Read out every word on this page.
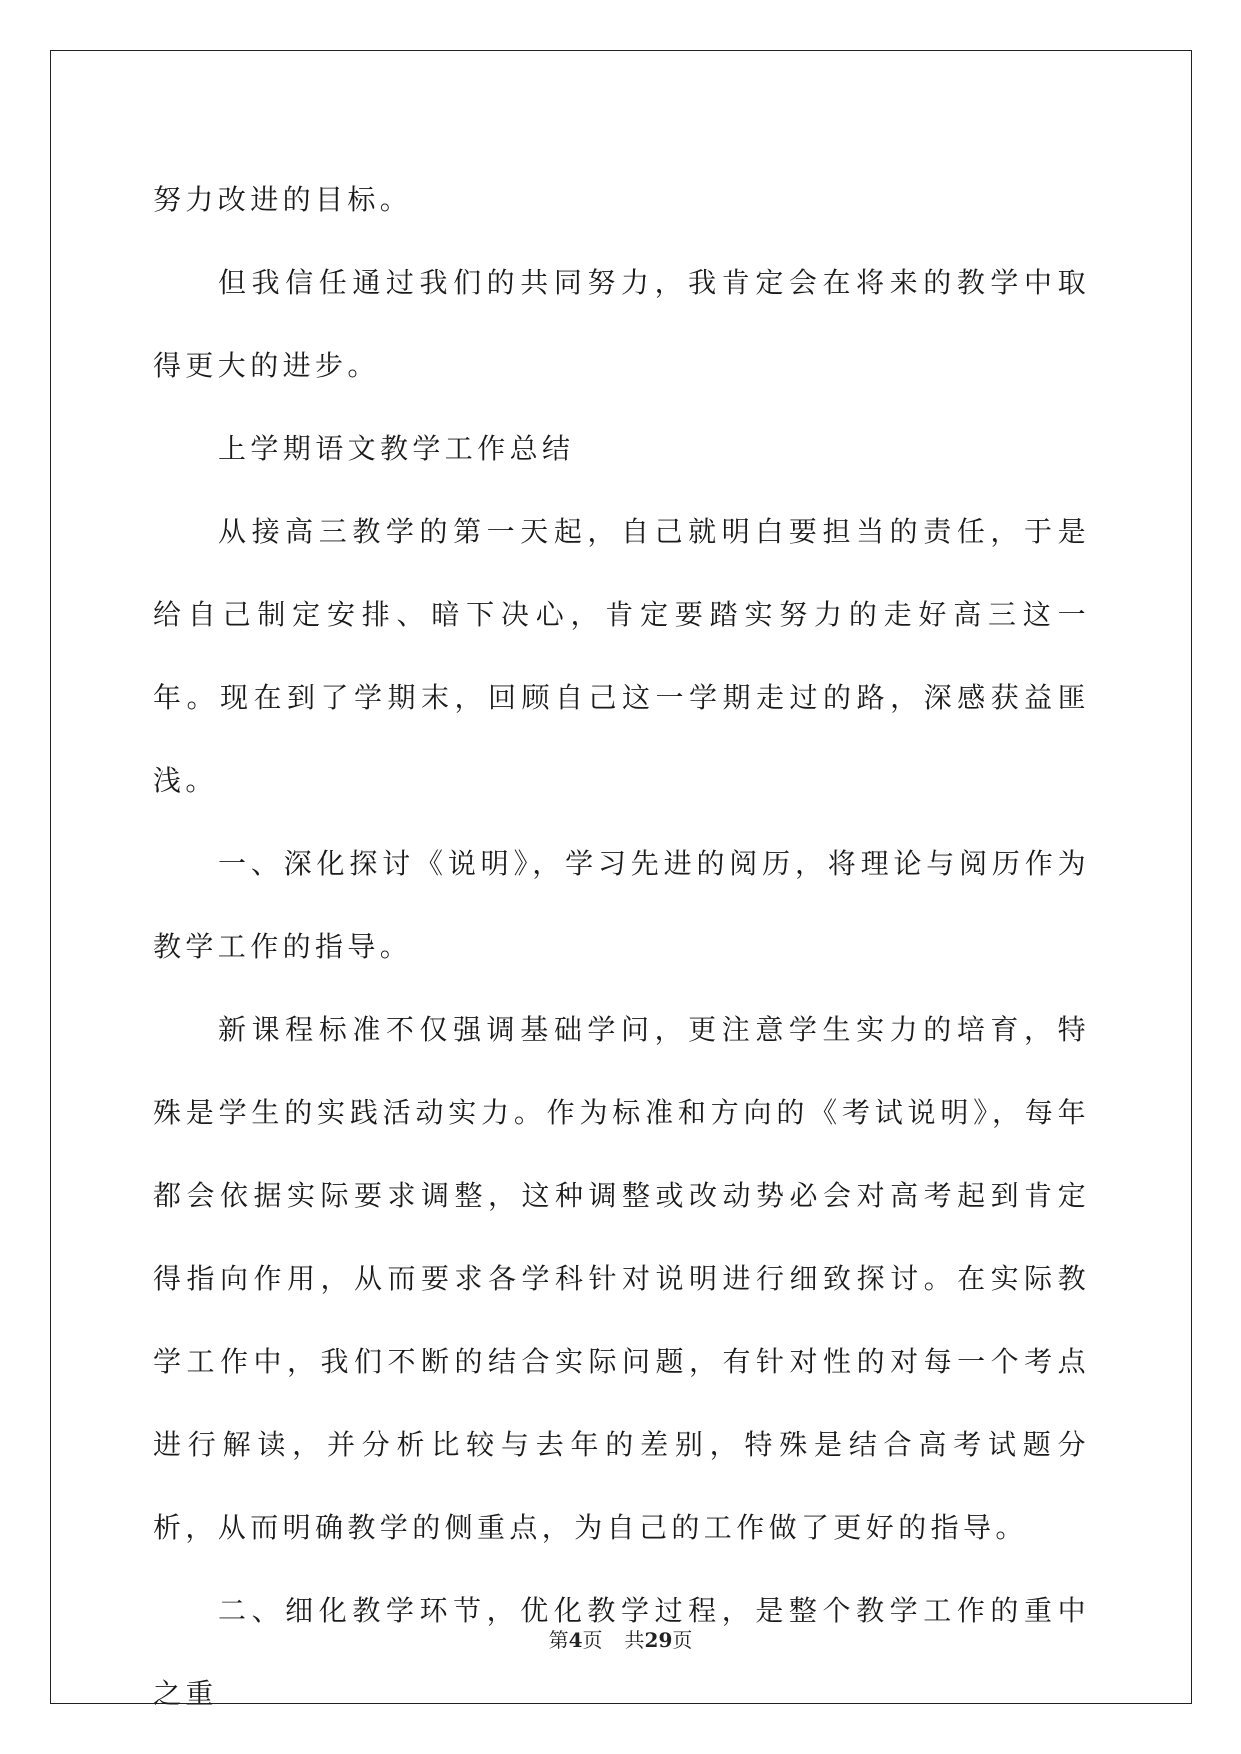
努力改进的目标。

但我信任通过我们的共同努力，我肯定会在将来的教学中取得更大的进步。

上学期语文教学工作总结

从接高三教学的第一天起，自己就明白要担当的责任，于是给自己制定安排、暗下决心，肯定要踏实努力的走好高三这一年。现在到了学期末，回顾自己这一学期走过的路，深感获益匪浅。

一、深化探讨《说明》，学习先进的阅历，将理论与阅历作为教学工作的指导。

新课程标准不仅强调基础学问，更注意学生实力的培育，特殊是学生的实践活动实力。作为标准和方向的《考试说明》，每年都会依据实际要求调整，这种调整或改动势必会对高考起到肯定得指向作用，从而要求各学科针对说明进行细致探讨。在实际教学工作中，我们不断的结合实际问题，有针对性的对每一个考点进行解读，并分析比较与去年的差别，特殊是结合高考试题分析，从而明确教学的侧重点，为自己的工作做了更好的指导。

二、细化教学环节，优化教学过程，是整个教学工作的重中之重

第4页 共29页
